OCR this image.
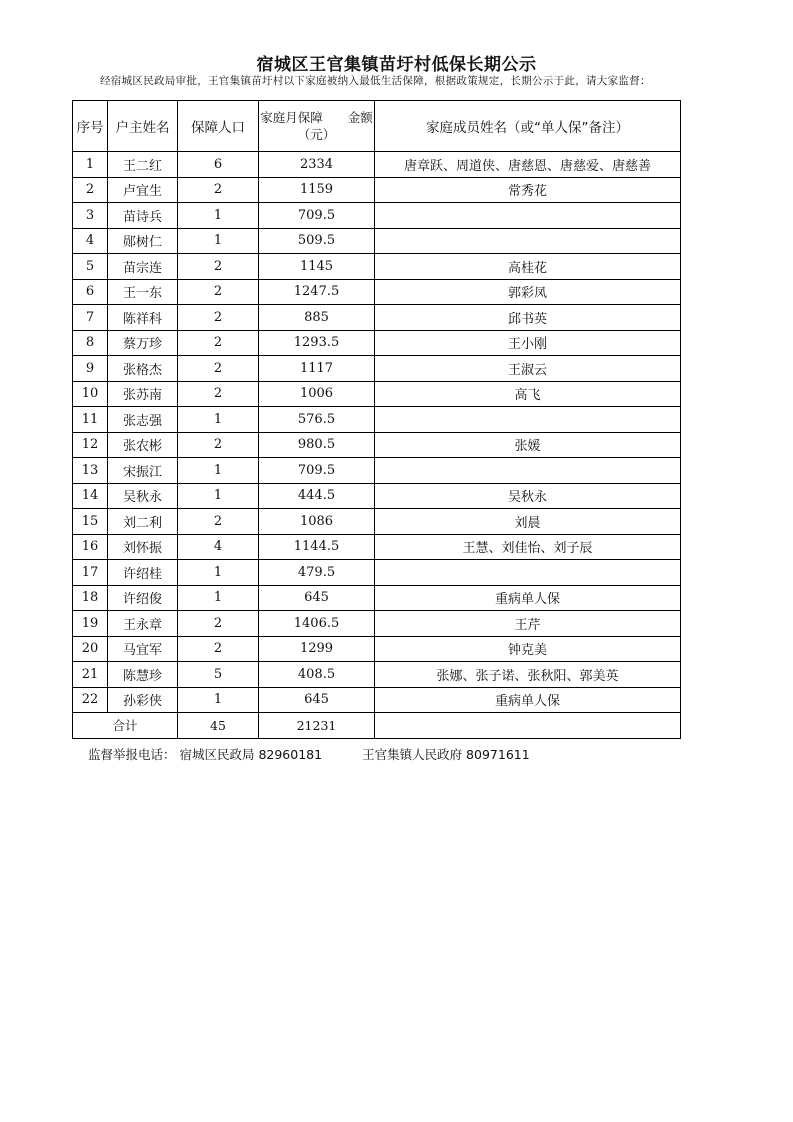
宿城区王官集镇苗圩村低保长期公示
经宿城区民政局审批，王官集镇苗圩村以下家庭被纳入最低生活保障，根据政策规定，长期公示于此，请大家监督：
序号	户主姓名	保障人口	家庭月保障　　金额（元）	家庭成员姓名（或“单人保”备注）
1	王二红	6	2334	唐章跃、周道侠、唐慈恩、唐慈爱、唐慈善
2	卢宜生	2	1159	常秀花
3	苗诗兵	1	709.5	
4	郧树仁	1	509.5	
5	苗宗连	2	1145	高桂花
6	王一东	2	1247.5	郭彩凤
7	陈祥科	2	885	邱书英
8	蔡万珍	2	1293.5	王小刚
9	张格杰	2	1117	王淑云
10	张苏南	2	1006	高飞
11	张志强	1	576.5	
12	张农彬	2	980.5	张媛
13	宋振江	1	709.5	
14	吴秋永	1	444.5	吴秋永
15	刘二利	2	1086	刘晨
16	刘怀振	4	1144.5	王慧、刘佳怡、刘子辰
17	许绍桂	1	479.5	
18	许绍俊	1	645	重病单人保
19	王永章	2	1406.5	王芹
20	马宜军	2	1299	钟克美
21	陈慧珍	5	408.5	张娜、张子诺、张秋阳、郭美英
22	孙彩侠	1	645	重病单人保
合计		45	21231	
监督举报电话： 宿城区民政局 82960181	王官集镇人民政府 80971611
